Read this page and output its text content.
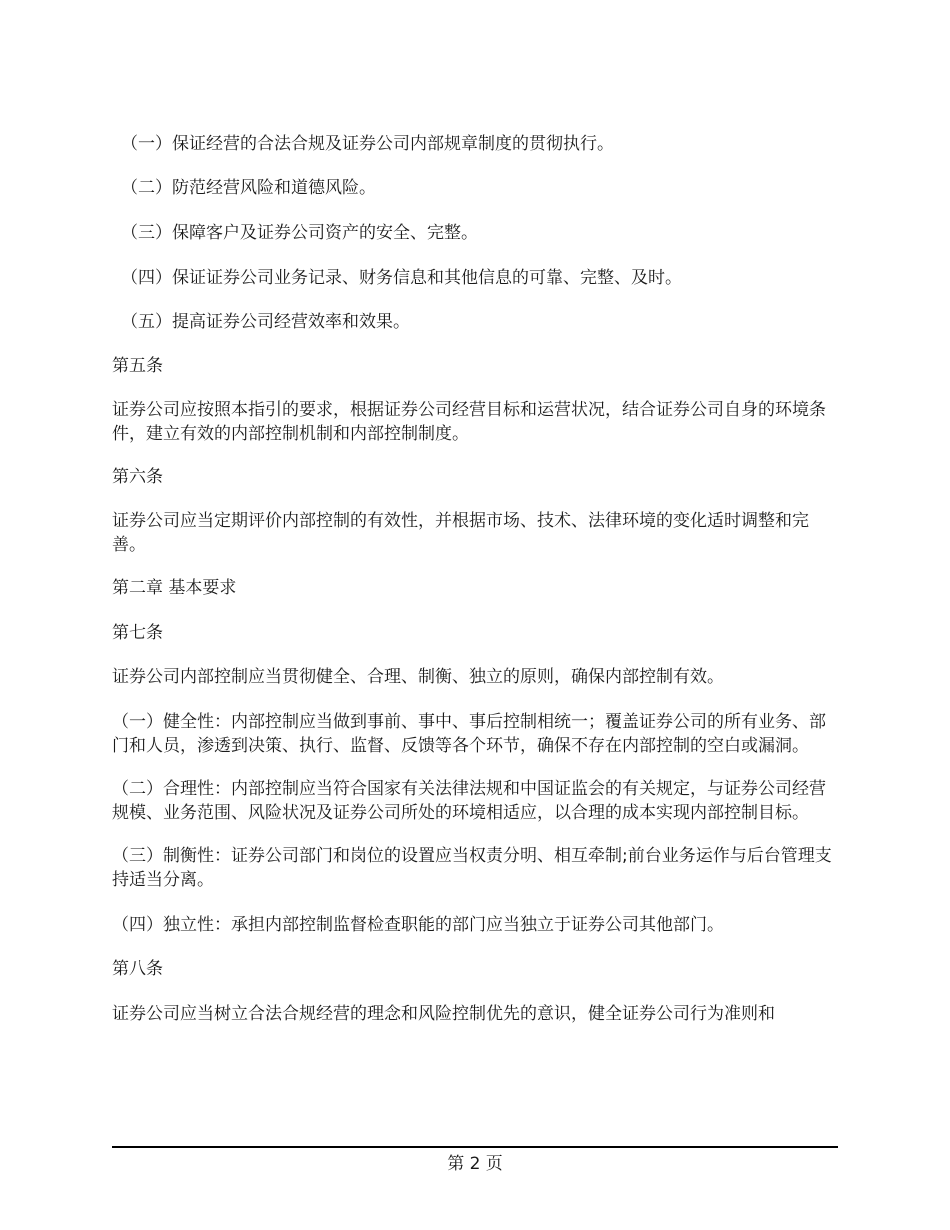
（一）保证经营的合法合规及证券公司内部规章制度的贯彻执行。

（二）防范经营风险和道德风险。

（三）保障客户及证券公司资产的安全、完整。

（四）保证证券公司业务记录、财务信息和其他信息的可靠、完整、及时。

（五）提高证券公司经营效率和效果。

第五条

证券公司应按照本指引的要求，根据证券公司经营目标和运营状况，结合证券公司自身的环境条件，建立有效的内部控制机制和内部控制制度。

第六条

证券公司应当定期评价内部控制的有效性，并根据市场、技术、法律环境的变化适时调整和完善。

第二章 基本要求

第七条

证券公司内部控制应当贯彻健全、合理、制衡、独立的原则，确保内部控制有效。

（一）健全性：内部控制应当做到事前、事中、事后控制相统一；覆盖证券公司的所有业务、部门和人员，渗透到决策、执行、监督、反馈等各个环节，确保不存在内部控制的空白或漏洞。

（二）合理性：内部控制应当符合国家有关法律法规和中国证监会的有关规定，与证券公司经营规模、业务范围、风险状况及证券公司所处的环境相适应，以合理的成本实现内部控制目标。

（三）制衡性：证券公司部门和岗位的设置应当权责分明、相互牵制;前台业务运作与后台管理支持适当分离。

（四）独立性：承担内部控制监督检查职能的部门应当独立于证券公司其他部门。

第八条

证券公司应当树立合法合规经营的理念和风险控制优先的意识，健全证券公司行为准则和

第 2 页
